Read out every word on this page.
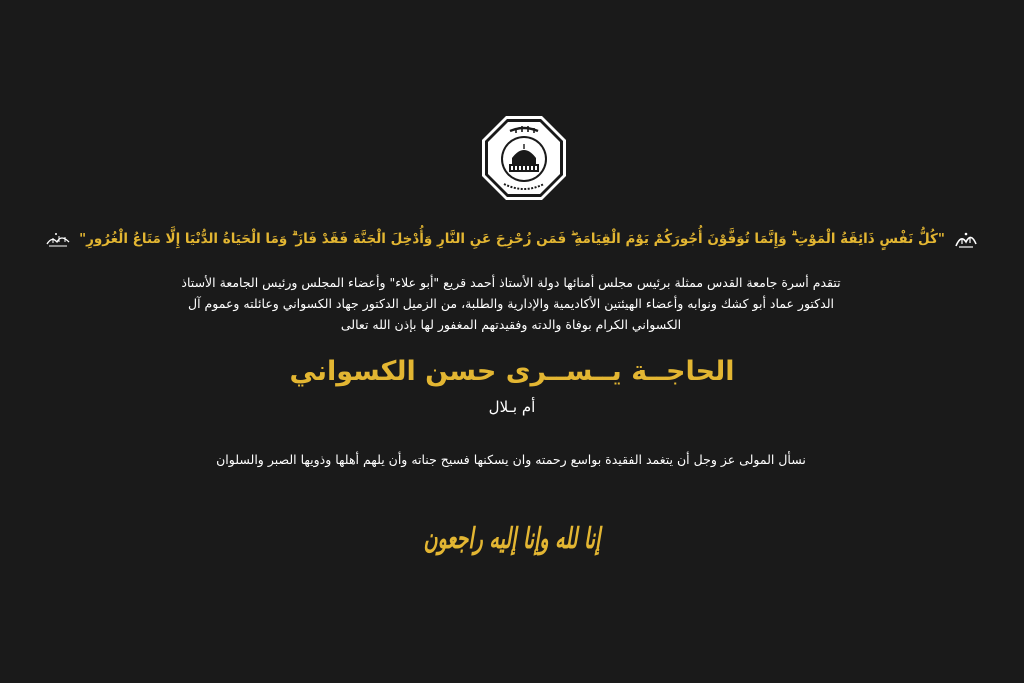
"كُلُّ نَفْسٍ ذَائِقَةُ الْمَوْتِ ۗ وَإِنَّمَا تُوَفَّوْنَ أُجُورَكُمْ يَوْمَ الْقِيَامَةِ ۖ فَمَن زُحْزِحَ عَنِ النَّارِ وَأُدْخِلَ الْجَنَّةَ فَقَدْ فَازَ ۗ وَمَا الْحَيَاةُ الدُّنْيَا إِلَّا مَتَاعُ الْغُرُورِ"
تتقدم أسرة جامعة القدس ممثلة برئيس مجلس أمنائها دولة الأستاذ أحمد قريع "أبو علاء" وأعضاء المجلس ورئيس الجامعة الأستاذ
الدكتور عماد أبو كشك ونوابه وأعضاء الهيئتين الأكاديمية والإدارية والطلبة، من الزميل الدكتور جهاد الكسواني وعائلته وعموم آل
الكسواني الكرام بوفاة والدته وفقيدتهم المغفور لها بإذن الله تعالى
الحاجــة يــســرى حسن الكسواني
أم بـلال
نسأل المولى عز وجل أن يتغمد الفقيدة بواسع رحمته وان يسكنها فسيح جناته وأن يلهم أهلها وذويها الصبر والسلوان
إنا لله وإنا إليه راجعون
